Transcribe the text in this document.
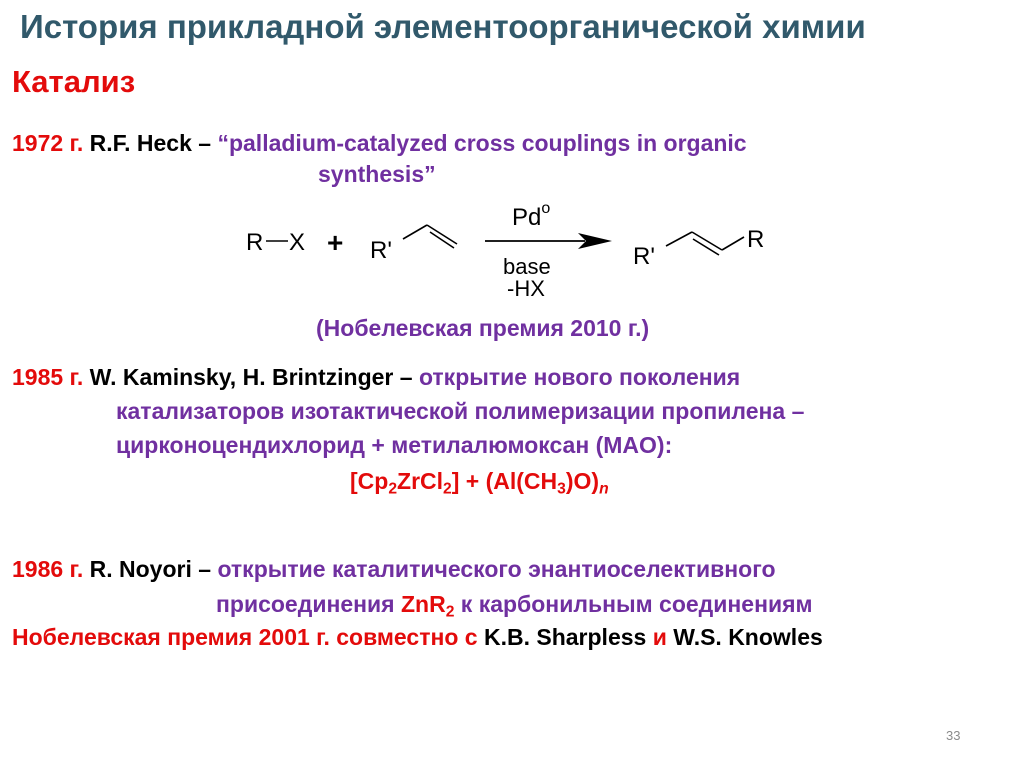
История прикладной элементоорганической химии
Катализ
1972 г. R.F. Heck – “palladium-catalyzed cross couplings in organic
synthesis”
R X + R'
Pd$^o$
base
-HX
R'
R
(Нобелевская премия 2010 г.)
1985 г. W. Kaminsky, H. Brintzinger – открытие нового поколения
катализаторов изотактической полимеризации пропилена –
цирконоцендихлорид + метилалюмоксан (MAO):
$[Cp_2ZrCl_2] + (Al(CH_3)O)_n$
1986 г. R. Noyori – открытие каталитического энантиоселективного
присоединения ZnR$_2$ к карбонильным соединениям
Нобелевская премия 2001 г. совместно с K.B. Sharpless и W.S. Knowles
33
